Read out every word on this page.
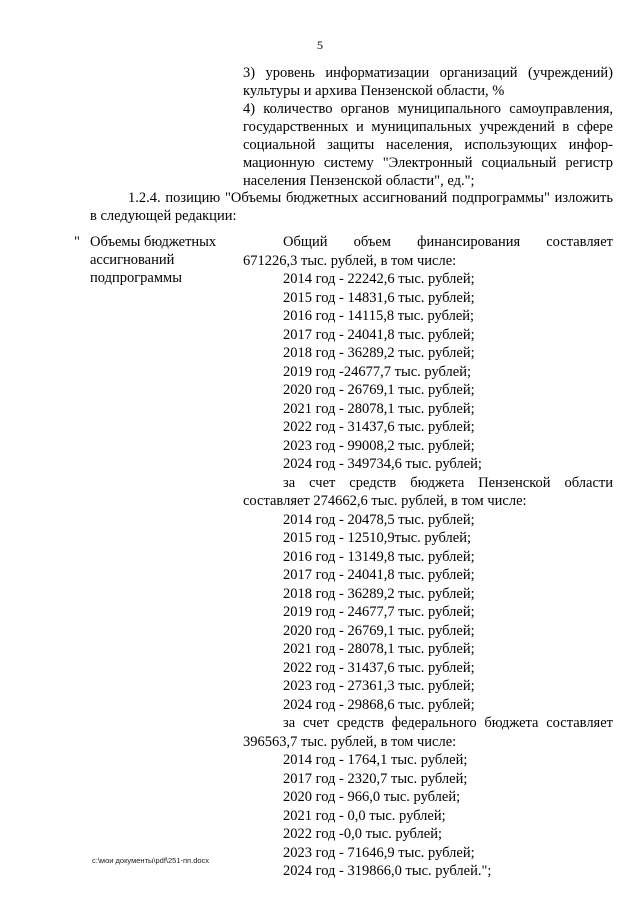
5
3) уровень информатизации организаций (учреждений)
культуры и архива Пензенской области, %
4) количество органов муниципального самоуправления,
государственных и муниципальных учреждений в сфере
социальной защиты населения, использующих инфор-
мационную систему "Электронный социальный регистр
населения Пензенской области", ед.";
1.2.4. позицию "Объемы бюджетных ассигнований подпрограммы" изложить
в следующей редакции:
" Объемы бюджетных
ассигнований
подпрограммы
Общий объем финансирования составляет
671226,3 тыс. рублей, в том числе:
2014 год - 22242,6 тыс. рублей;
2015 год - 14831,6 тыс. рублей;
2016 год - 14115,8 тыс. рублей;
2017 год - 24041,8 тыс. рублей;
2018 год - 36289,2 тыс. рублей;
2019 год -24677,7 тыс. рублей;
2020 год - 26769,1 тыс. рублей;
2021 год - 28078,1 тыс. рублей;
2022 год - 31437,6 тыс. рублей;
2023 год - 99008,2 тыс. рублей;
2024 год - 349734,6 тыс. рублей;
за счет средств бюджета Пензенской области
составляет 274662,6 тыс. рублей, в том числе:
2014 год - 20478,5 тыс. рублей;
2015 год - 12510,9тыс. рублей;
2016 год - 13149,8 тыс. рублей;
2017 год - 24041,8 тыс. рублей;
2018 год - 36289,2 тыс. рублей;
2019 год - 24677,7 тыс. рублей;
2020 год - 26769,1 тыс. рублей;
2021 год - 28078,1 тыс. рублей;
2022 год - 31437,6 тыс. рублей;
2023 год - 27361,3 тыс. рублей;
2024 год - 29868,6 тыс. рублей;
за счет средств федерального бюджета составляет
396563,7 тыс. рублей, в том числе:
2014 год - 1764,1 тыс. рублей;
2017 год - 2320,7 тыс. рублей;
2020 год - 966,0 тыс. рублей;
2021 год - 0,0 тыс. рублей;
2022 год -0,0 тыс. рублей;
2023 год - 71646,9 тыс. рублей;
2024 год - 319866,0 тыс. рублей.";
c:\мои документы\pdf\251-пп.docx
